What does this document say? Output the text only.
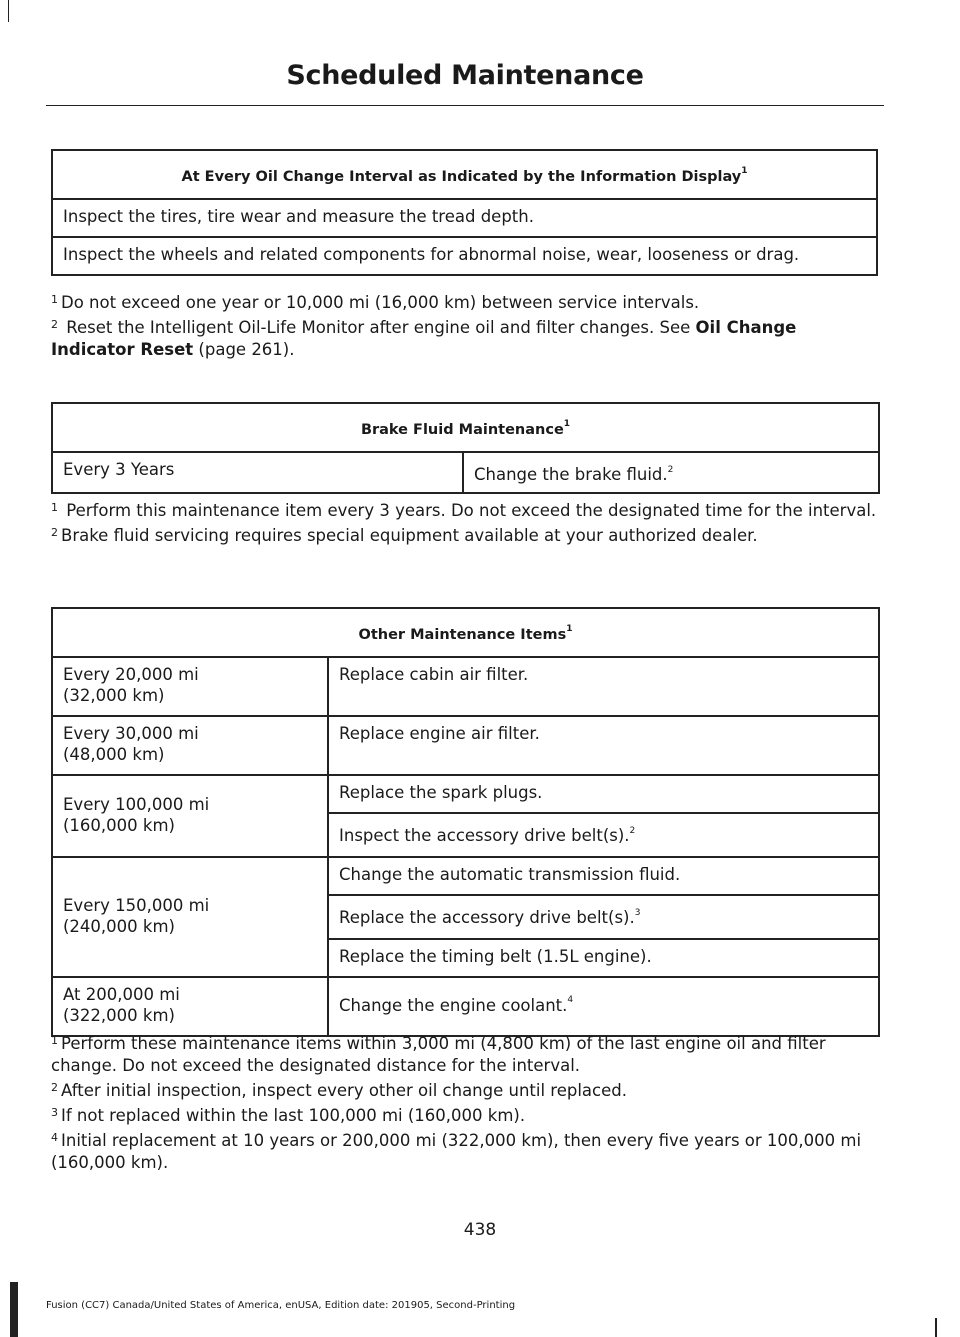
Scheduled Maintenance
At Every Oil Change Interval as Indicated by the Information Display$^1$
Inspect the tires, tire wear and measure the tread depth.
Inspect the wheels and related components for abnormal noise, wear, looseness or drag.

$^1$ Do not exceed one year or 10,000 mi (16,000 km) between service intervals.

$^2$ Reset the Intelligent Oil-Life Monitor after engine oil and filter changes. See Oil Change Indicator Reset (page 261).

Brake Fluid Maintenance$^1$
Every 3 Years	Change the brake fluid.$^2$

$^1$ Perform this maintenance item every 3 years. Do not exceed the designated time for the interval.

$^2$ Brake fluid servicing requires special equipment available at your authorized dealer.

Other Maintenance Items$^1$
Every 20,000 mi
(32,000 km)	Replace cabin air filter.
Every 30,000 mi
(48,000 km)	Replace engine air filter.
Every 100,000 mi
(160,000 km)	Replace the spark plugs.
	Inspect the accessory drive belt(s).$^2$
Every 150,000 mi
(240,000 km)	Change the automatic transmission fluid.
	Replace the accessory drive belt(s).$^3$
	Replace the timing belt (1.5L engine).
At 200,000 mi
(322,000 km)	Change the engine coolant.$^4$

$^1$ Perform these maintenance items within 3,000 mi (4,800 km) of the last engine oil and filter change. Do not exceed the designated distance for the interval.

$^2$ After initial inspection, inspect every other oil change until replaced.

$^3$ If not replaced within the last 100,000 mi (160,000 km).

$^4$ Initial replacement at 10 years or 200,000 mi (322,000 km), then every five years or 100,000 mi (160,000 km).

438
Fusion (CC7) Canada/United States of America, enUSA, Edition date: 201905, Second-Printing
